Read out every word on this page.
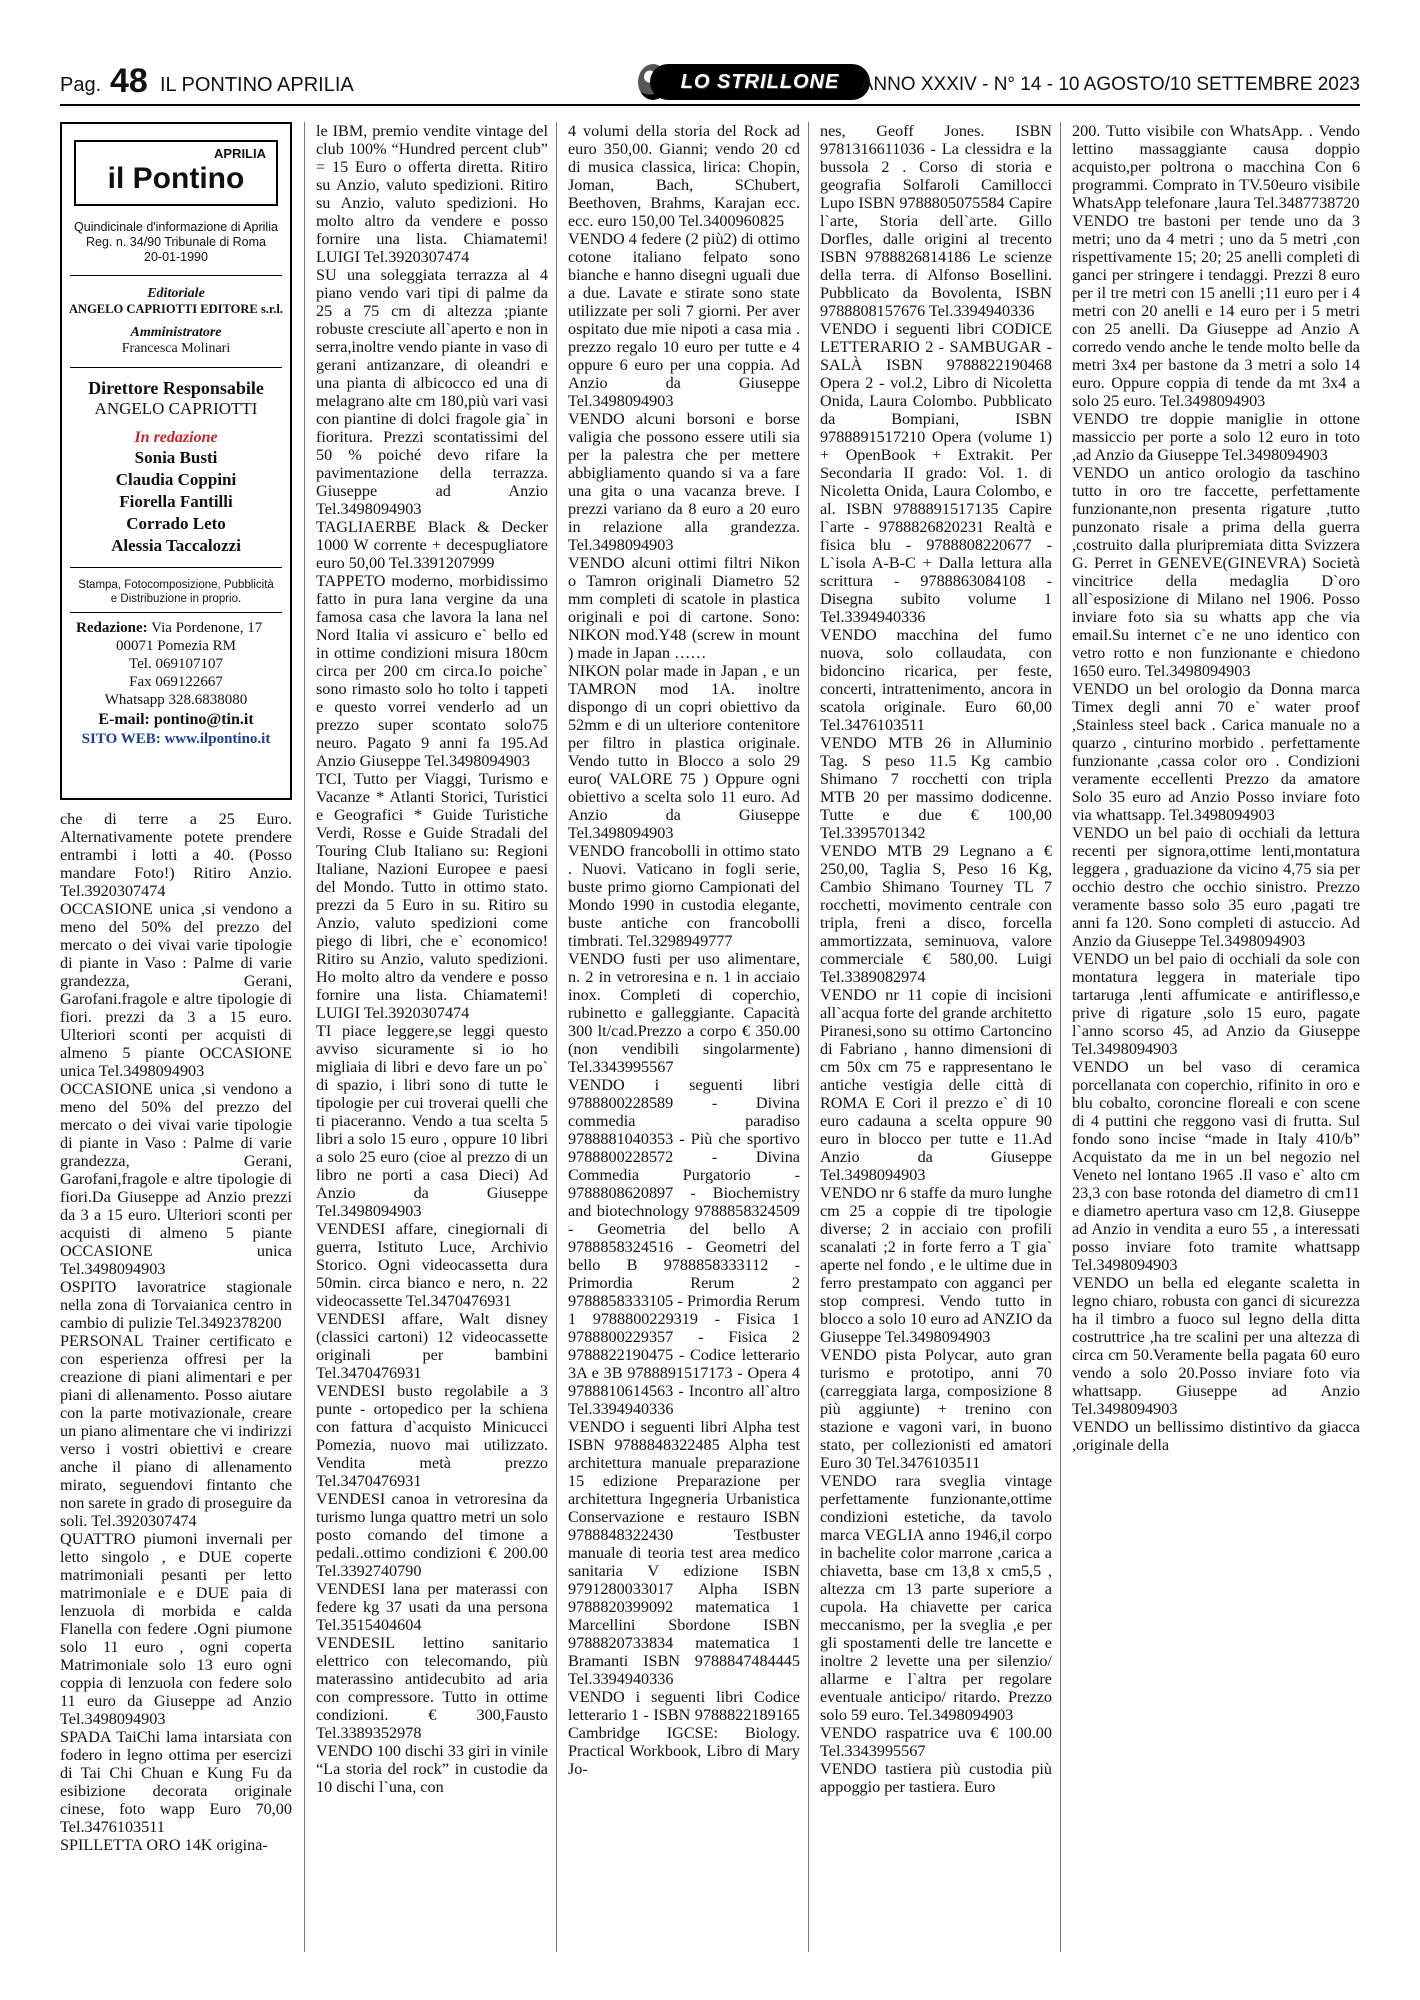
Pag. 48 IL PONTINO APRILIA	LO STRILLONE	ANNO XXXIV - N° 14 - 10 AGOSTO/10 SETTEMBRE 2023
APRILIA
il Pontino
Quindicinale d'informazione di Aprilia
Reg. n. 34/90 Tribunale di Roma
20-01-1990
Editoriale
ANGELO CAPRIOTTI EDITORE s.r.l.
Amministratore
Francesca Molinari
Direttore Responsabile
ANGELO CAPRIOTTI
In redazione
Sonia Busti
Claudia Coppini
Fiorella Fantilli
Corrado Leto
Alessia Taccalozzi
Stampa, Fotocomposizione, Pubblicità
e Distribuzione in proprio.
Redazione: Via Pordenone, 17
00071 Pomezia RM
Tel. 069107107
Fax 069122667
Whatsapp 328.6838080
E-mail: pontino@tin.it
SITO WEB: www.ilpontino.it

che di terre a 25 Euro. Alternativamente potete prendere entrambi i lotti a 40. (Posso mandare Foto!) Ritiro Anzio. Tel.3920307474

OCCASIONE unica ,si vendono a meno del 50% del prezzo del mercato o dei vivai varie tipologie di piante in Vaso : Palme di varie grandezza, Gerani, Garofani.fragole e altre tipologie di fiori. prezzi da 3 a 15 euro. Ulteriori sconti per acquisti di almeno 5 piante OCCASIONE unica Tel.3498094903

OCCASIONE unica ,si vendono a meno del 50% del prezzo del mercato o dei vivai varie tipologie di piante in Vaso : Palme di varie grandezza, Gerani, Garofani,fragole e altre tipologie di fiori.Da Giuseppe ad Anzio prezzi da 3 a 15 euro. Ulteriori sconti per acquisti di almeno 5 piante OCCASIONE unica Tel.3498094903

OSPITO lavoratrice stagionale nella zona di Torvaianica centro in cambio di pulizie Tel.3492378200

PERSONAL Trainer certificato e con esperienza offresi per la creazione di piani alimentari e per piani di allenamento. Posso aiutare con la parte motivazionale, creare un piano alimentare che vi indirizzi verso i vostri obiettivi e creare anche il piano di allenamento mirato, seguendovi fintanto che non sarete in grado di proseguire da soli. Tel.3920307474

QUATTRO piumoni invernali per letto singolo , e DUE coperte matrimoniali pesanti per letto matrimoniale e e DUE paia di lenzuola di morbida e calda Flanella con federe .Ogni piumone solo 11 euro , ogni coperta Matrimoniale solo 13 euro ogni coppia di lenzuola con federe solo 11 euro da Giuseppe ad Anzio Tel.3498094903

SPADA TaiChi lama intarsiata con fodero in legno ottima per esercizi di Tai Chi Chuan e Kung Fu da esibizione decorata originale cinese, foto wapp Euro 70,00 Tel.3476103511

SPILLETTA ORO 14K origina-

le IBM, premio vendite vintage del club 100% “Hundred percent club” = 15 Euro o offerta diretta. Ritiro su Anzio, valuto spedizioni. Ritiro su Anzio, valuto spedizioni. Ho molto altro da vendere e posso fornire una lista. Chiamatemi! LUIGI Tel.3920307474

SU una soleggiata terrazza al 4 piano vendo vari tipi di palme da 25 a 75 cm di altezza ;piante robuste cresciute all`aperto e non in serra,inoltre vendo piante in vaso di gerani antizanzare, di oleandri e una pianta di albicocco ed una di melagrano alte cm 180,più vari vasi con piantine di dolci fragole gia` in fioritura. Prezzi scontatissimi del 50 % poiché devo rifare la pavimentazione della terrazza. Giuseppe ad Anzio Tel.3498094903

TAGLIAERBE Black & Decker 1000 W corrente + decespugliatore euro 50,00 Tel.3391207999

TAPPETO moderno, morbidissimo fatto in pura lana vergine da una famosa casa che lavora la lana nel Nord Italia vi assicuro e` bello ed in ottime condizioni misura 180cm circa per 200 cm circa.Io poiche` sono rimasto solo ho tolto i tappeti e questo vorrei venderlo ad un prezzo super scontato solo75 neuro. Pagato 9 anni fa 195.Ad Anzio Giuseppe Tel.3498094903

TCI, Tutto per Viaggi, Turismo e Vacanze * Atlanti Storici, Turistici e Geografici * Guide Turistiche Verdi, Rosse e Guide Stradali del Touring Club Italiano su: Regioni Italiane, Nazioni Europee e paesi del Mondo. Tutto in ottimo stato. prezzi da 5 Euro in su. Ritiro su Anzio, valuto spedizioni come piego di libri, che e` economico! Ritiro su Anzio, valuto spedizioni. Ho molto altro da vendere e posso fornire una lista. Chiamatemi! LUIGI Tel.3920307474

TI piace leggere,se leggi questo avviso sicuramente si io ho migliaia di libri e devo fare un po` di spazio, i libri sono di tutte le tipologie per cui troverai quelli che ti piaceranno. Vendo a tua scelta 5 libri a solo 15 euro , oppure 10 libri a solo 25 euro (cioe al prezzo di un libro ne porti a casa Dieci) Ad Anzio da Giuseppe Tel.3498094903

VENDESI affare, cinegiornali di guerra, Istituto Luce, Archivio Storico. Ogni videocassetta dura 50min. circa bianco e nero, n. 22 videocassette Tel.3470476931

VENDESI affare, Walt disney (classici cartoni) 12 videocassette originali per bambini Tel.3470476931

VENDESI busto regolabile a 3 punte - ortopedico per la schiena con fattura d`acquisto Minicucci Pomezia, nuovo mai utilizzato. Vendita metà prezzo Tel.3470476931

VENDESI canoa in vetroresina da turismo lunga quattro metri un solo posto comando del timone a pedali..ottimo condizioni € 200.00 Tel.3392740790

VENDESI lana per materassi con federe kg 37 usati da una persona Tel.3515404604

VENDESIL lettino sanitario elettrico con telecomando, più materassino antidecubito ad aria con compressore. Tutto in ottime condizioni. € 300,Fausto Tel.3389352978

VENDO 100 dischi 33 giri in vinile “La storia del rock” in custodie da 10 dischi l`una, con

4 volumi della storia del Rock ad euro 350,00. Gianni; vendo 20 cd di musica classica, lirica: Chopin, Joman, Bach, SChubert, Beethoven, Brahms, Karajan ecc. ecc. euro 150,00 Tel.3400960825

VENDO 4 federe (2 più2) di ottimo cotone italiano felpato sono bianche e hanno disegni uguali due a due. Lavate e stirate sono state utilizzate per soli 7 giorni. Per aver ospitato due mie nipoti a casa mia . prezzo regalo 10 euro per tutte e 4 oppure 6 euro per una coppia. Ad Anzio da Giuseppe Tel.3498094903

VENDO alcuni borsoni e borse valigia che possono essere utili sia per la palestra che per mettere abbigliamento quando si va a fare una gita o una vacanza breve. I prezzi variano da 8 euro a 20 euro in relazione alla grandezza. Tel.3498094903

VENDO alcuni ottimi filtri Nikon o Tamron originali Diametro 52 mm completi di scatole in plastica originali e poi di cartone. Sono: NIKON mod.Y48 (screw in mount ) made in Japan ……

NIKON polar made in Japan , e un TAMRON mod 1A. inoltre dispongo di un copri obiettivo da 52mm e di un ulteriore contenitore per filtro in plastica originale. Vendo tutto in Blocco a solo 29 euro( VALORE 75 ) Oppure ogni obiettivo a scelta solo 11 euro. Ad Anzio da Giuseppe Tel.3498094903

VENDO francobolli in ottimo stato . Nuovi. Vaticano in fogli serie, buste primo giorno Campionati del Mondo 1990 in custodia elegante, buste antiche con francobolli timbrati. Tel.3298949777

VENDO fusti per uso alimentare, n. 2 in vetroresina e n. 1 in acciaio inox. Completi di coperchio, rubinetto e galleggiante. Capacità 300 lt/cad.Prezzo a corpo € 350.00 (non vendibili singolarmente) Tel.3343995567

VENDO i seguenti libri 9788800228589 - Divina commedia paradiso 9788881040353 - Più che sportivo 9788800228572 - Divina Commedia Purgatorio - 9788808620897 - Biochemistry and biotechnology 9788858324509 - Geometria del bello A 9788858324516 - Geometri del bello B 9788858333112 - Primordia Rerum 2 9788858333105 - Primordia Rerum 1 9788800229319 - Fisica 1 9788800229357 - Fisica 2 9788822190475 - Codice letterario 3A e 3B 9788891517173 - Opera 4 9788810614563 - Incontro all`altro Tel.3394940336

VENDO i seguenti libri Alpha test ISBN 9788848322485 Alpha test architettura manuale preparazione 15 edizione Preparazione per architettura Ingegneria Urbanistica Conservazione e restauro ISBN 9788848322430 Testbuster manuale di teoria test area medico sanitaria V edizione ISBN 9791280033017 Alpha ISBN 9788820399092 matematica 1 Marcellini Sbordone ISBN 9788820733834 matematica 1 Bramanti ISBN 9788847484445 Tel.3394940336

VENDO i seguenti libri Codice letterario 1 - ISBN 9788822189165 Cambridge IGCSE: Biology. Practical Workbook, Libro di Mary Jo-

nes, Geoff Jones. ISBN 9781316611036 - La clessidra e la bussola 2 . Corso di storia e geografia Solfaroli Camillocci Lupo ISBN 9788805075584 Capire l`arte, Storia dell`arte. Gillo Dorfles, dalle origini al trecento ISBN 9788826814186 Le scienze della terra. di Alfonso Bosellini. Pubblicato da Bovolenta, ISBN 9788808157676 Tel.3394940336

VENDO i seguenti libri CODICE LETTERARIO 2 - SAMBUGAR - SALÀ ISBN 9788822190468 Opera 2 - vol.2, Libro di Nicoletta Onida, Laura Colombo. Pubblicato da Bompiani, ISBN 9788891517210 Opera (volume 1) + OpenBook + Extrakit. Per Secondaria II grado: Vol. 1. di Nicoletta Onida, Laura Colombo, e al. ISBN 9788891517135 Capire l`arte - 9788826820231 Realtà e fisica blu - 9788808220677 - L`isola A-B-C + Dalla lettura alla scrittura - 9788863084108 - Disegna subito volume 1 Tel.3394940336

VENDO macchina del fumo nuova, solo collaudata, con bidoncino ricarica, per feste, concerti, intrattenimento, ancora in scatola originale. Euro 60,00 Tel.3476103511

VENDO MTB 26 in Alluminio Tag. S peso 11.5 Kg cambio Shimano 7 rocchetti con tripla MTB 20 per massimo dodicenne. Tutte e due € 100,00 Tel.3395701342

VENDO MTB 29 Legnano a € 250,00, Taglia S, Peso 16 Kg, Cambio Shimano Tourney TL 7 rocchetti, movimento centrale con tripla, freni a disco, forcella ammortizzata, seminuova, valore commerciale € 580,00. Luigi Tel.3389082974

VENDO nr 11 copie di incisioni all`acqua forte del grande architetto Piranesi,sono su ottimo Cartoncino di Fabriano , hanno dimensioni di cm 50x cm 75 e rappresentano le antiche vestigia delle città di ROMA E Cori il prezzo e` di 10 euro cadauna a scelta oppure 90 euro in blocco per tutte e 11.Ad Anzio da Giuseppe Tel.3498094903

VENDO nr 6 staffe da muro lunghe cm 25 a coppie di tre tipologie diverse; 2 in acciaio con profili scanalati ;2 in forte ferro a T gia` aperte nel fondo , e le ultime due in ferro prestampato con agganci per stop compresi. Vendo tutto in blocco a solo 10 euro ad ANZIO da Giuseppe Tel.3498094903

VENDO pista Polycar, auto gran turismo e prototipo, anni 70 (carreggiata larga, composizione 8 più aggiunte) + trenino con stazione e vagoni vari, in buono stato, per collezionisti ed amatori Euro 30 Tel.3476103511

VENDO rara sveglia vintage perfettamente funzionante,ottime condizioni estetiche, da tavolo marca VEGLIA anno 1946,il corpo in bachelite color marrone ,carica a chiavetta, base cm 13,8 x cm5,5 , altezza cm 13 parte superiore a cupola. Ha chiavette per carica meccanismo, per la sveglia ,e per gli spostamenti delle tre lancette e inoltre 2 levette una per silenzio/ allarme e l`altra per regolare eventuale anticipo/ ritardo. Prezzo solo 59 euro. Tel.3498094903

VENDO raspatrice uva € 100.00 Tel.3343995567

VENDO tastiera più custodia più appoggio per tastiera. Euro

200. Tutto visibile con WhatsApp. . Vendo lettino massaggiante causa doppio acquisto,per poltrona o macchina Con 6 programmi. Comprato in TV.50euro visibile WhatsApp telefonare ,laura Tel.3487738720

VENDO tre bastoni per tende uno da 3 metri; uno da 4 metri ; uno da 5 metri ,con rispettivamente 15; 20; 25 anelli completi di ganci per stringere i tendaggi. Prezzi 8 euro per il tre metri con 15 anelli ;11 euro per i 4 metri con 20 anelli e 14 euro per i 5 metri con 25 anelli. Da Giuseppe ad Anzio A corredo vendo anche le tende molto belle da metri 3x4 per bastone da 3 metri a solo 14 euro. Oppure coppia di tende da mt 3x4 a solo 25 euro. Tel.3498094903

VENDO tre doppie maniglie in ottone massiccio per porte a solo 12 euro in toto ,ad Anzio da Giuseppe Tel.3498094903

VENDO un antico orologio da taschino tutto in oro tre faccette, perfettamente funzionante,non presenta rigature ,tutto punzonato risale a prima della guerra ,costruito dalla pluripremiata ditta Svizzera G. Perret in GENEVE(GINEVRA) Società vincitrice della medaglia D`oro all`esposizione di Milano nel 1906. Posso inviare foto sia su whatts app che via email.Su internet c`e ne uno identico con vetro rotto e non funzionante e chiedono 1650 euro. Tel.3498094903

VENDO un bel orologio da Donna marca Timex degli anni 70 e` water proof ,Stainless steel back . Carica manuale no a quarzo , cinturino morbido . perfettamente funzionante ,cassa color oro . Condizioni veramente eccellenti Prezzo da amatore Solo 35 euro ad Anzio Posso inviare foto via whattsapp. Tel.3498094903

VENDO un bel paio di occhiali da lettura recenti per signora,ottime lenti,montatura leggera , graduazione da vicino 4,75 sia per occhio destro che occhio sinistro. Prezzo veramente basso solo 35 euro ,pagati tre anni fa 120. Sono completi di astuccio. Ad Anzio da Giuseppe Tel.3498094903

VENDO un bel paio di occhiali da sole con montatura leggera in materiale tipo tartaruga ,lenti affumicate e antiriflesso,e prive di rigature ,solo 15 euro, pagate l`anno scorso 45, ad Anzio da Giuseppe Tel.3498094903

VENDO un bel vaso di ceramica porcellanata con coperchio, rifinito in oro e blu cobalto, coroncine floreali e con scene di 4 puttini che reggono vasi di frutta. Sul fondo sono incise “made in Italy 410/b” Acquistato da me in un bel negozio nel Veneto nel lontano 1965 .Il vaso e` alto cm 23,3 con base rotonda del diametro di cm11 e diametro apertura vaso cm 12,8. Giuseppe ad Anzio in vendita a euro 55 , a interessati posso inviare foto tramite whattsapp Tel.3498094903

VENDO un bella ed elegante scaletta in legno chiaro, robusta con ganci di sicurezza ha il timbro a fuoco sul legno della ditta costruttrice ,ha tre scalini per una altezza di circa cm 50.Veramente bella pagata 60 euro vendo a solo 20.Posso inviare foto via whattsapp. Giuseppe ad Anzio Tel.3498094903

VENDO un bellissimo distintivo da giacca ,originale della
